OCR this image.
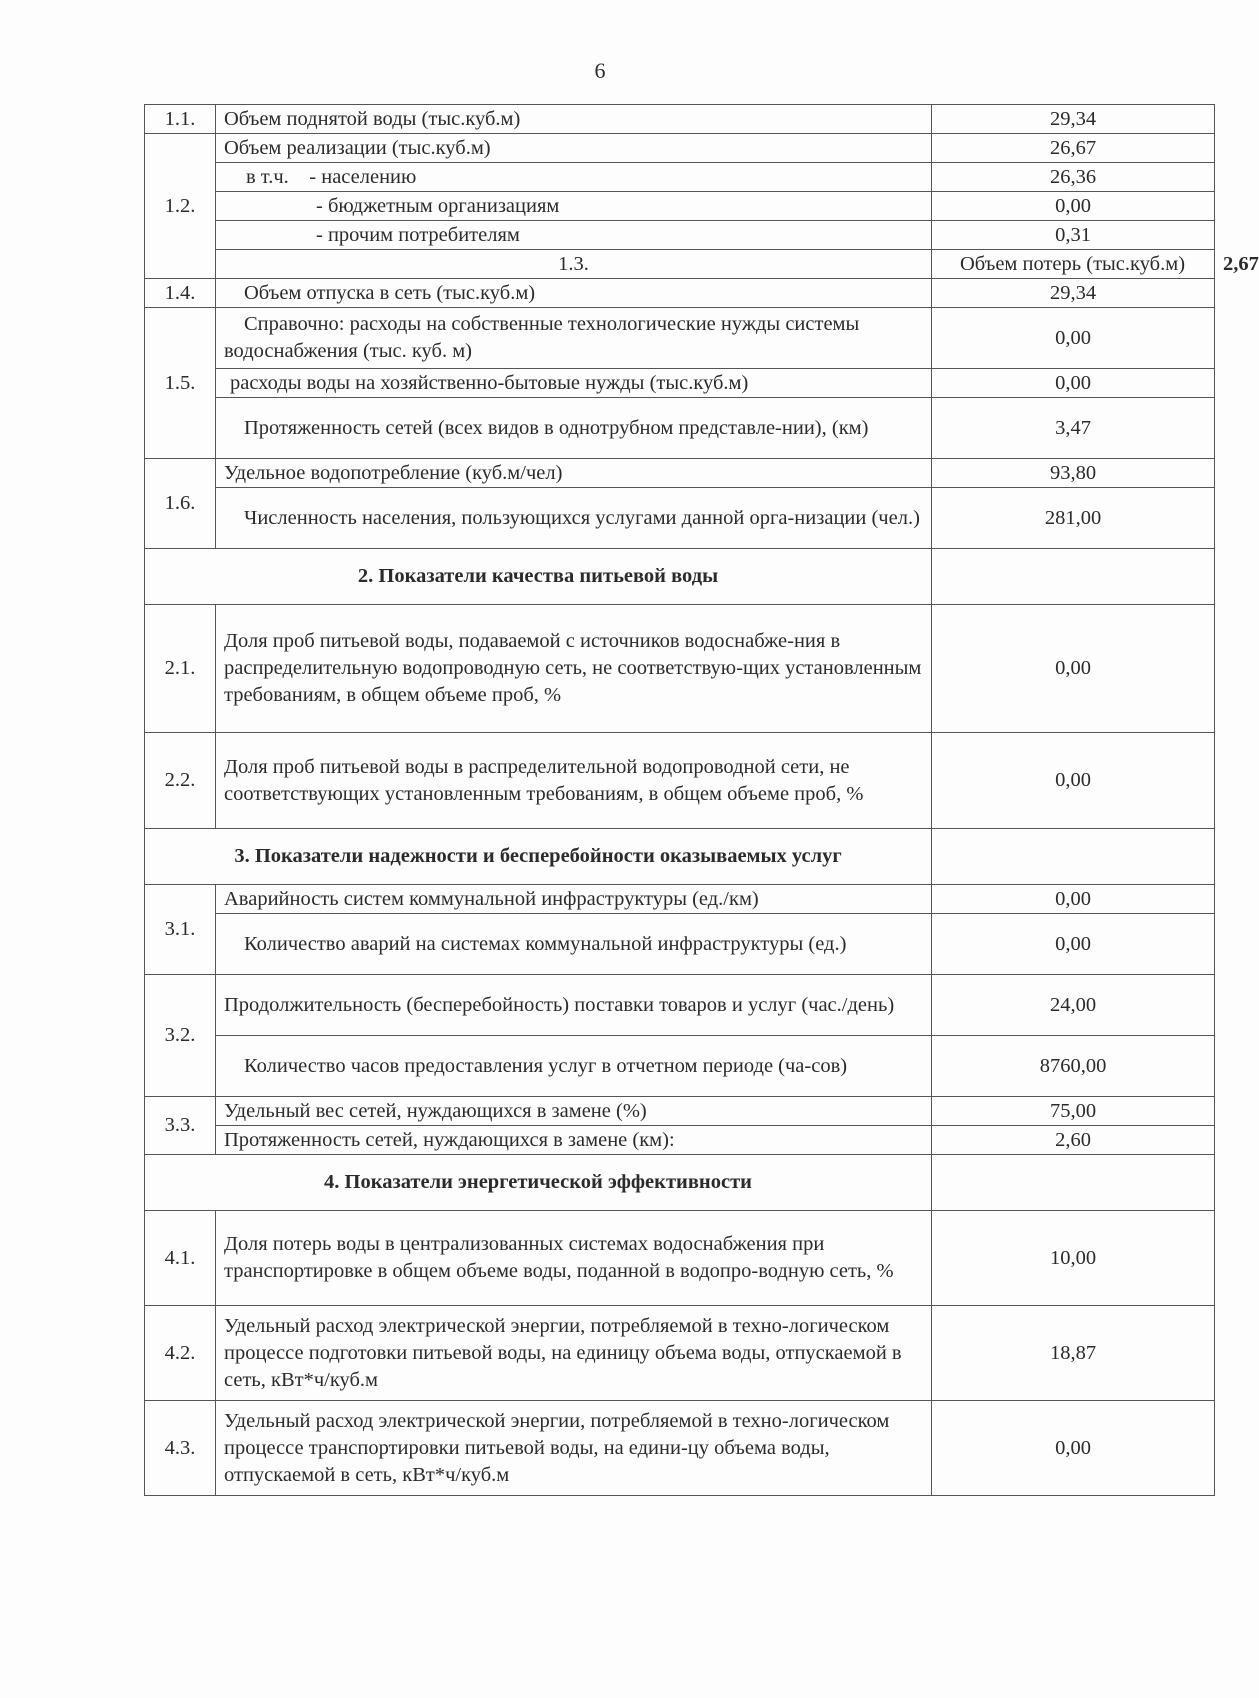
6
1.1.	Объем поднятой воды (тыс.куб.м)	29,34	
1.2.	Объем реализации (тыс.куб.м)	26,67	
	в т.ч.    - населению	26,36	
	- бюджетным организациям	0,00	
	- прочим потребителям	0,31	
	1.3.	Объем потерь (тыс.куб.м)	2,67
1.4.	Объем отпуска в сеть (тыс.куб.м)	29,34	
1.5.	Справочно: расходы на собственные технологические нужды системы водоснабжения (тыс. куб. м)	0,00	
	расходы воды на хозяйственно-бытовые нужды (тыс.куб.м)	0,00	
	Протяженность сетей (всех видов в однотрубном представле-нии), (км)	3,47	
1.6.	Удельное водопотребление (куб.м/чел)	93,80	
	Численность населения, пользующихся услугами данной орга-низации (чел.)	281,00	
2. Показатели качества питьевой воды			
2.1.	Доля проб питьевой воды, подаваемой с источников водоснабже-ния в распределительную водопроводную сеть, не соответствую-щих установленным требованиям, в общем объеме проб, %	0,00	
2.2.	Доля проб питьевой воды в распределительной водопроводной сети, не соответствующих установленным требованиям, в общем объеме проб, %	0,00	
3. Показатели надежности и бесперебойности оказываемых услуг			
3.1.	Аварийность систем коммунальной инфраструктуры (ед./км)	0,00	
	Количество аварий на системах коммунальной инфраструктуры (ед.)	0,00	
3.2.	Продолжительность (бесперебойность) поставки товаров и услуг (час./день)	24,00	
	Количество часов предоставления услуг в отчетном периоде (ча-сов)	8760,00	
3.3.	Удельный вес сетей, нуждающихся в замене (%)	75,00	
	Протяженность сетей, нуждающихся в замене (км):	2,60	
4. Показатели энергетической эффективности			
4.1.	Доля потерь воды в централизованных системах водоснабжения при транспортировке в общем объеме воды, поданной в водопро-водную сеть, %	10,00	
4.2.	Удельный расход электрической энергии, потребляемой в техно-логическом процессе подготовки питьевой воды, на единицу объема воды, отпускаемой в сеть, кВт*ч/куб.м	18,87	
4.3.	Удельный расход электрической энергии, потребляемой в техно-логическом процессе транспортировки питьевой воды, на едини-цу объема воды, отпускаемой в сеть, кВт*ч/куб.м	0,00	
